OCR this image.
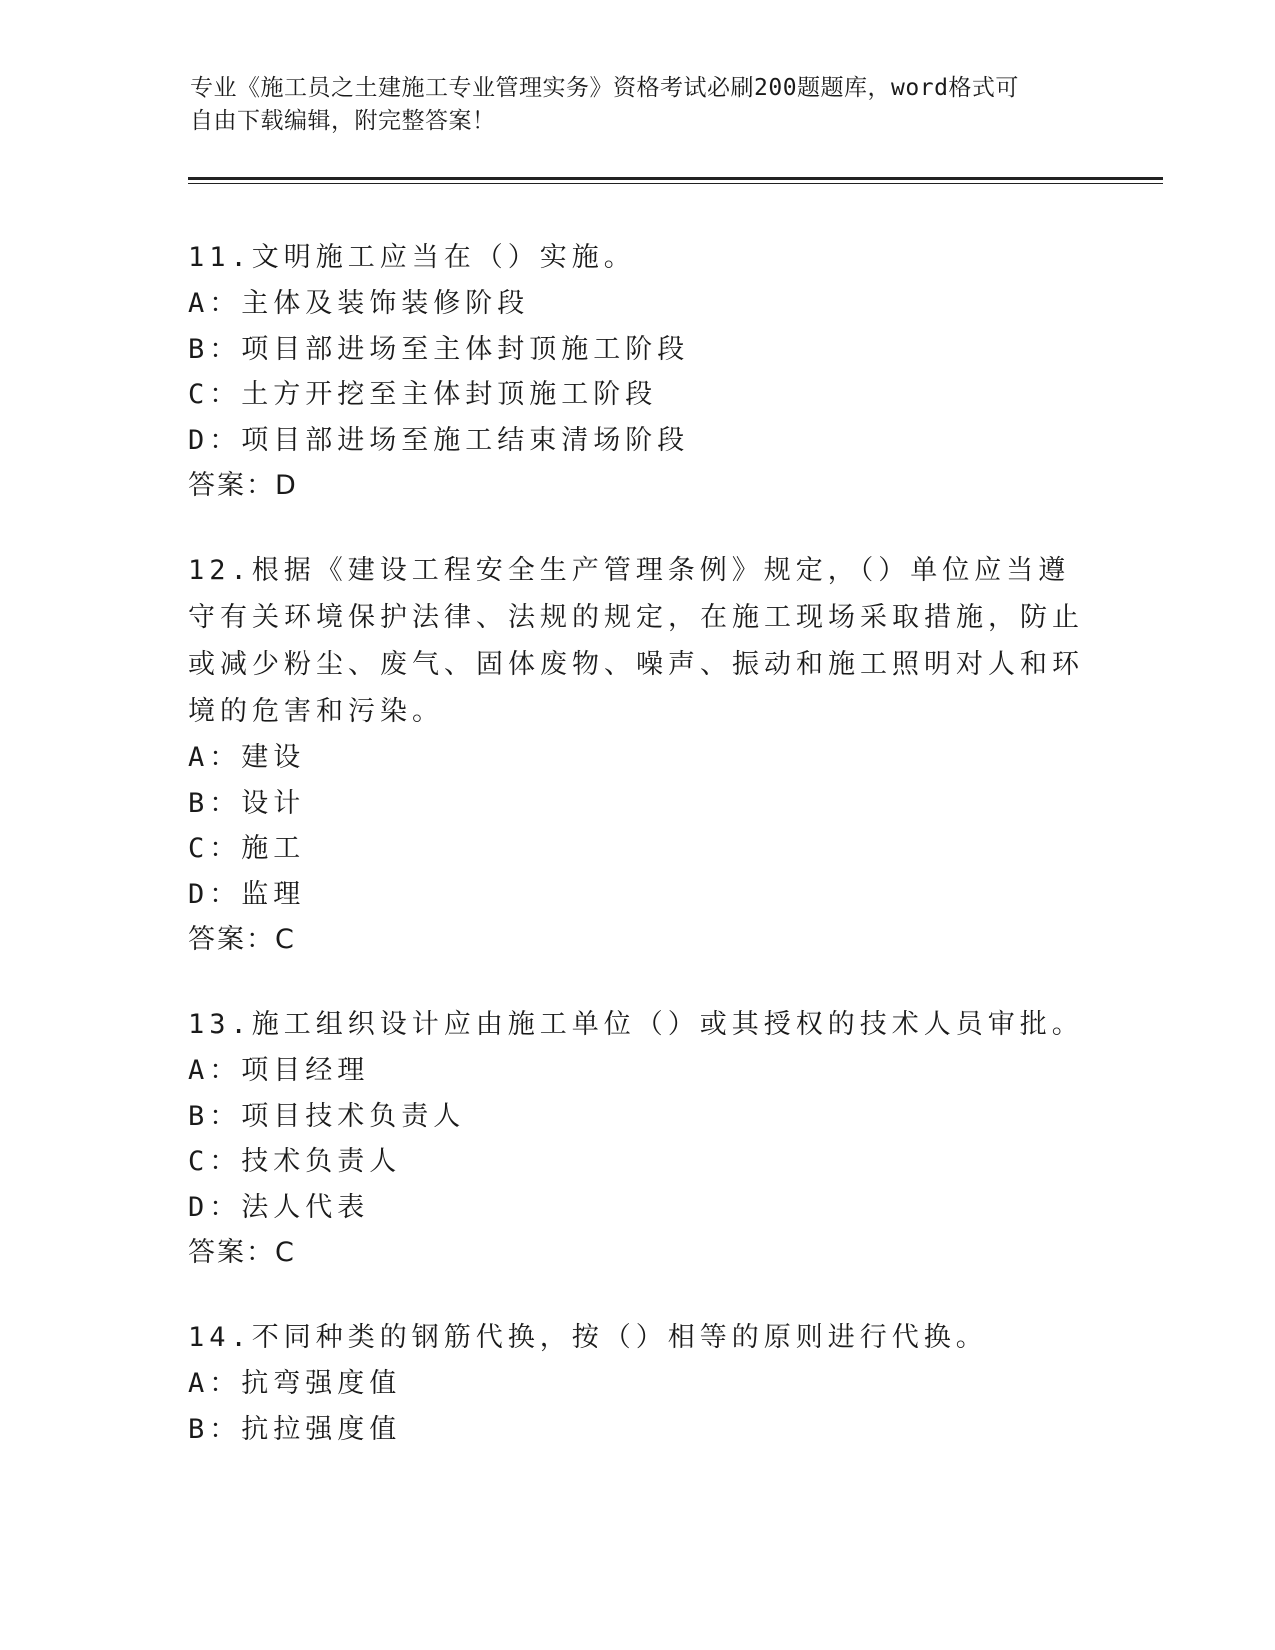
专业《施工员之土建施工专业管理实务》资格考试必刷200题题库，word格式可
自由下载编辑，附完整答案！
11.文明施工应当在（）实施。
A：主体及装饰装修阶段
B：项目部进场至主体封顶施工阶段
C：土方开挖至主体封顶施工阶段
D：项目部进场至施工结束清场阶段
答案：D
12.根据《建设工程安全生产管理条例》规定，（）单位应当遵守有关环境保护法律、法规的规定，在施工现场采取措施，防止或减少粉尘、废气、固体废物、噪声、振动和施工照明对人和环境的危害和污染。
A：建设
B：设计
C：施工
D：监理
答案：C
13.施工组织设计应由施工单位（）或其授权的技术人员审批。
A：项目经理
B：项目技术负责人
C：技术负责人
D：法人代表
答案：C
14.不同种类的钢筋代换，按（）相等的原则进行代换。
A：抗弯强度值
B：抗拉强度值
